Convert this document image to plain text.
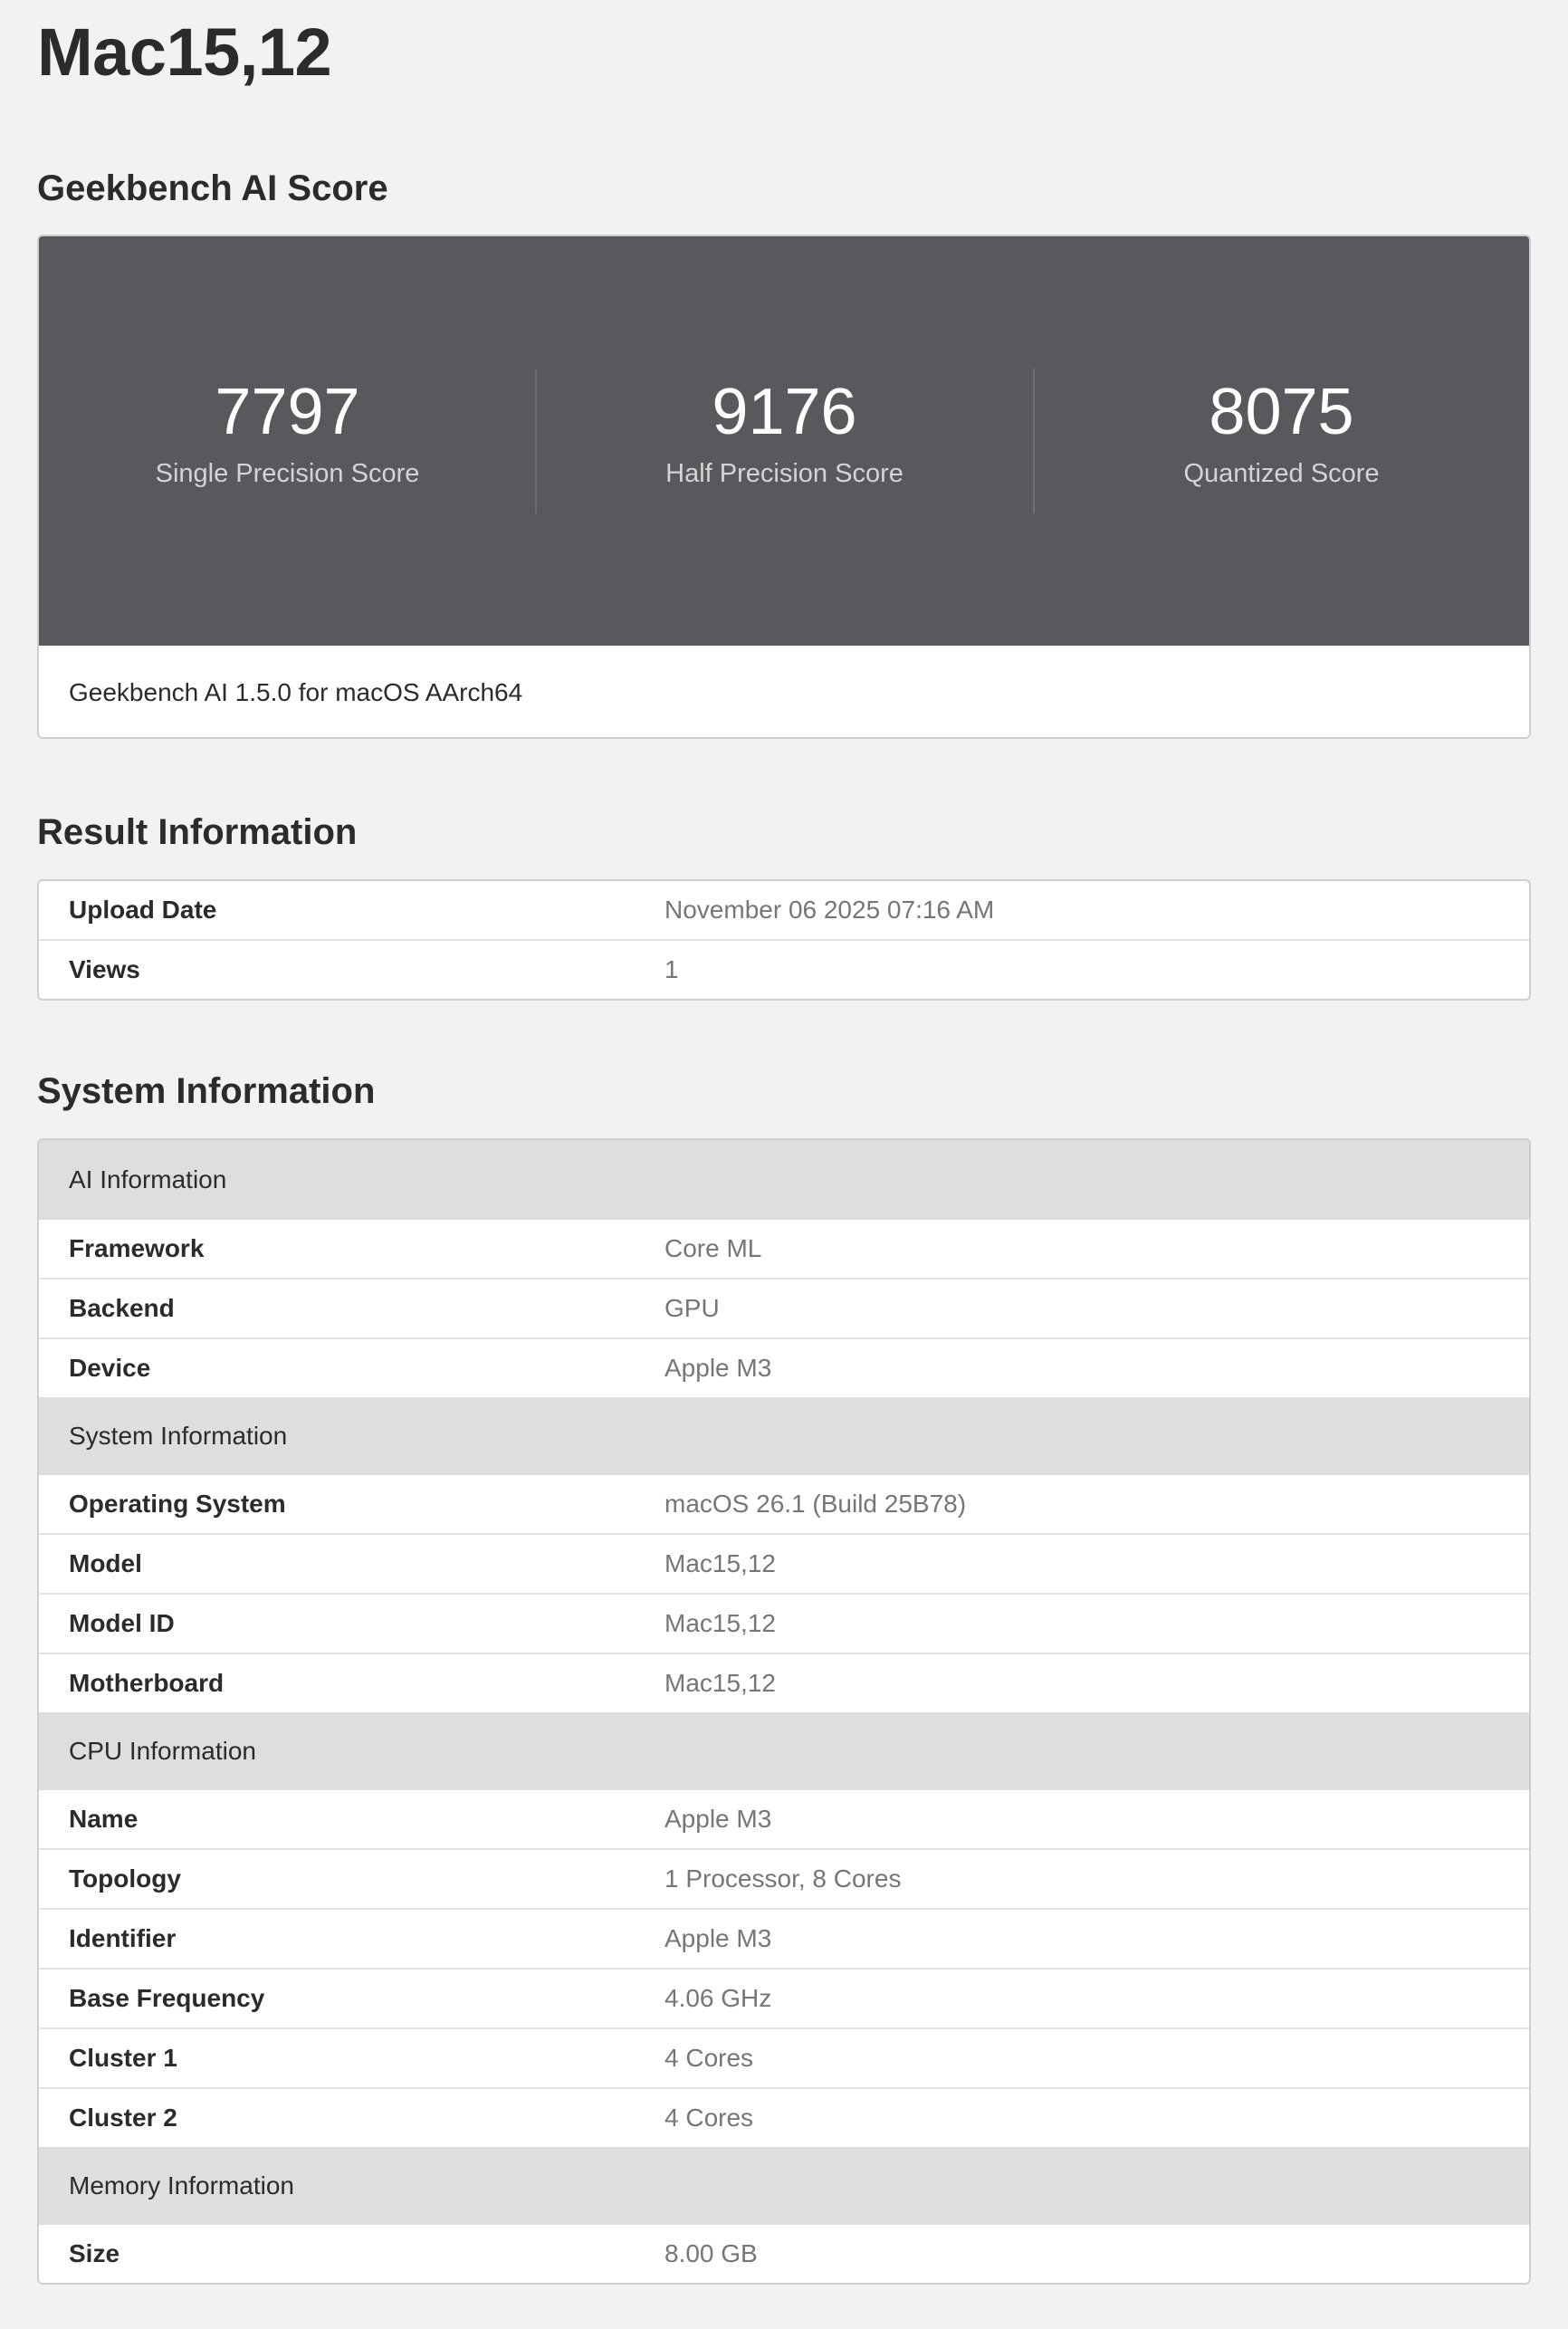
Mac15,12
Geekbench AI Score
7797
Single Precision Score
9176
Half Precision Score
8075
Quantized Score
Geekbench AI 1.5.0 for macOS AArch64
Result Information
Upload Date	November 06 2025 07:16 AM
Views	1
System Information
AI Information
Framework	Core ML
Backend	GPU
Device	Apple M3
System Information
Operating System	macOS 26.1 (Build 25B78)
Model	Mac15,12
Model ID	Mac15,12
Motherboard	Mac15,12
CPU Information
Name	Apple M3
Topology	1 Processor, 8 Cores
Identifier	Apple M3
Base Frequency	4.06 GHz
Cluster 1	4 Cores
Cluster 2	4 Cores
Memory Information
Size	8.00 GB
